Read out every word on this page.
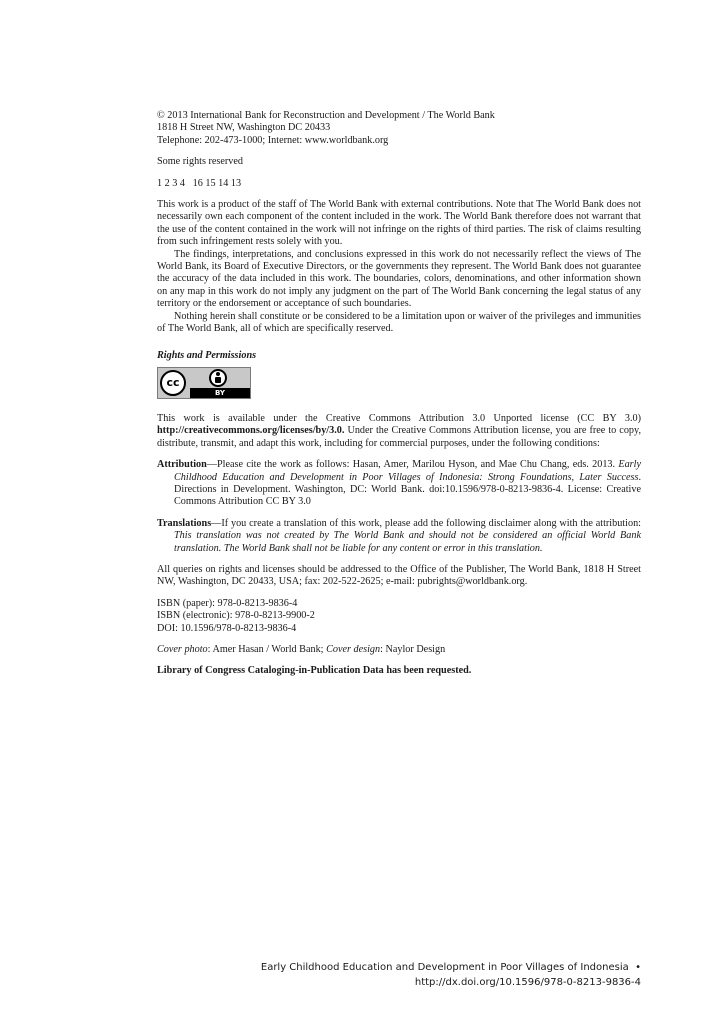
© 2013 International Bank for Reconstruction and Development / The World Bank

1818 H Street NW, Washington DC 20433

Telephone: 202-473-1000; Internet: www.worldbank.org

Some rights reserved

1 2 3 4   16 15 14 13

This work is a product of the staff of The World Bank with external contributions. Note that The World Bank does not necessarily own each component of the content included in the work. The World Bank therefore does not warrant that the use of the content contained in the work will not infringe on the rights of third parties. The risk of claims resulting from such infringement rests solely with you.

The findings, interpretations, and conclusions expressed in this work do not necessarily reflect the views of The World Bank, its Board of Executive Directors, or the governments they represent. The World Bank does not guarantee the accuracy of the data included in this work. The boundaries, colors, denominations, and other information shown on any map in this work do not imply any judgment on the part of The World Bank concerning the legal status of any territory or the endorsement or acceptance of such boundaries.

Nothing herein shall constitute or be considered to be a limitation upon or waiver of the privileges and immunities of The World Bank, all of which are specifically reserved.

Rights and Permissions

cc
BY

This work is available under the Creative Commons Attribution 3.0 Unported license (CC BY 3.0) http://creativecommons.org/licenses/by/3.0. Under the Creative Commons Attribution license, you are free to copy, distribute, transmit, and adapt this work, including for commercial purposes, under the following conditions:

Attribution—Please cite the work as follows: Hasan, Amer, Marilou Hyson, and Mae Chu Chang, eds. 2013. Early Childhood Education and Development in Poor Villages of Indonesia: Strong Foundations, Later Success. Directions in Development. Washington, DC: World Bank. doi:10.1596/978-0-8213-9836-4. License: Creative Commons Attribution CC BY 3.0

Translations—If you create a translation of this work, please add the following disclaimer along with the attribution: This translation was not created by The World Bank and should not be considered an official World Bank translation. The World Bank shall not be liable for any content or error in this translation.

All queries on rights and licenses should be addressed to the Office of the Publisher, The World Bank, 1818 H Street NW, Washington, DC 20433, USA; fax: 202-522-2625; e-mail: pubrights@worldbank.org.

ISBN (paper): 978-0-8213-9836-4

ISBN (electronic): 978-0-8213-9900-2

DOI: 10.1596/978-0-8213-9836-4

Cover photo: Amer Hasan / World Bank; Cover design: Naylor Design

Library of Congress Cataloging-in-Publication Data has been requested.

Early Childhood Education and Development in Poor Villages of Indonesia  •
http://dx.doi.org/10.1596/978-0-8213-9836-4
